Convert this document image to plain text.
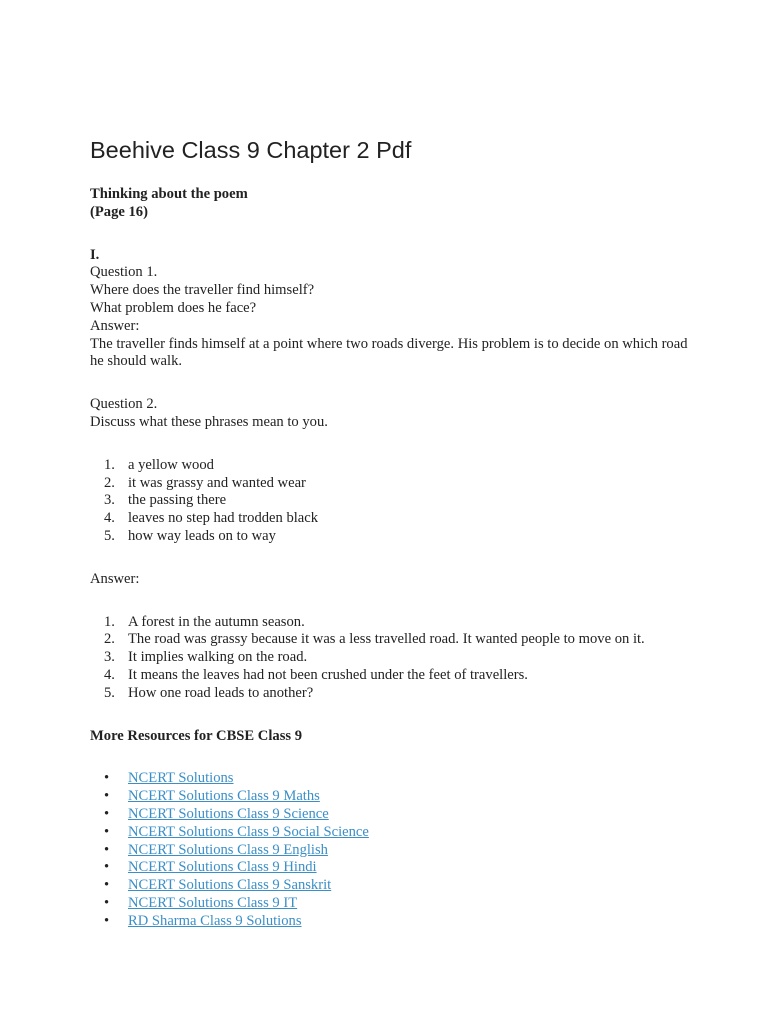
Beehive Class 9 Chapter 2 Pdf
Thinking about the poem
(Page 16)
I.
Question 1.
Where does the traveller find himself?
What problem does he face?
Answer:
The traveller finds himself at a point where two roads diverge. His problem is to decide on which road he should walk.
Question 2.
Discuss what these phrases mean to you.
1. a yellow wood
2. it was grassy and wanted wear
3. the passing there
4. leaves no step had trodden black
5. how way leads on to way
Answer:
1. A forest in the autumn season.
2. The road was grassy because it was a less travelled road. It wanted people to move on it.
3. It implies walking on the road.
4. It means the leaves had not been crushed under the feet of travellers.
5. How one road leads to another?
More Resources for CBSE Class 9
• NCERT Solutions
• NCERT Solutions Class 9 Maths
• NCERT Solutions Class 9 Science
• NCERT Solutions Class 9 Social Science
• NCERT Solutions Class 9 English
• NCERT Solutions Class 9 Hindi
• NCERT Solutions Class 9 Sanskrit
• NCERT Solutions Class 9 IT
• RD Sharma Class 9 Solutions
